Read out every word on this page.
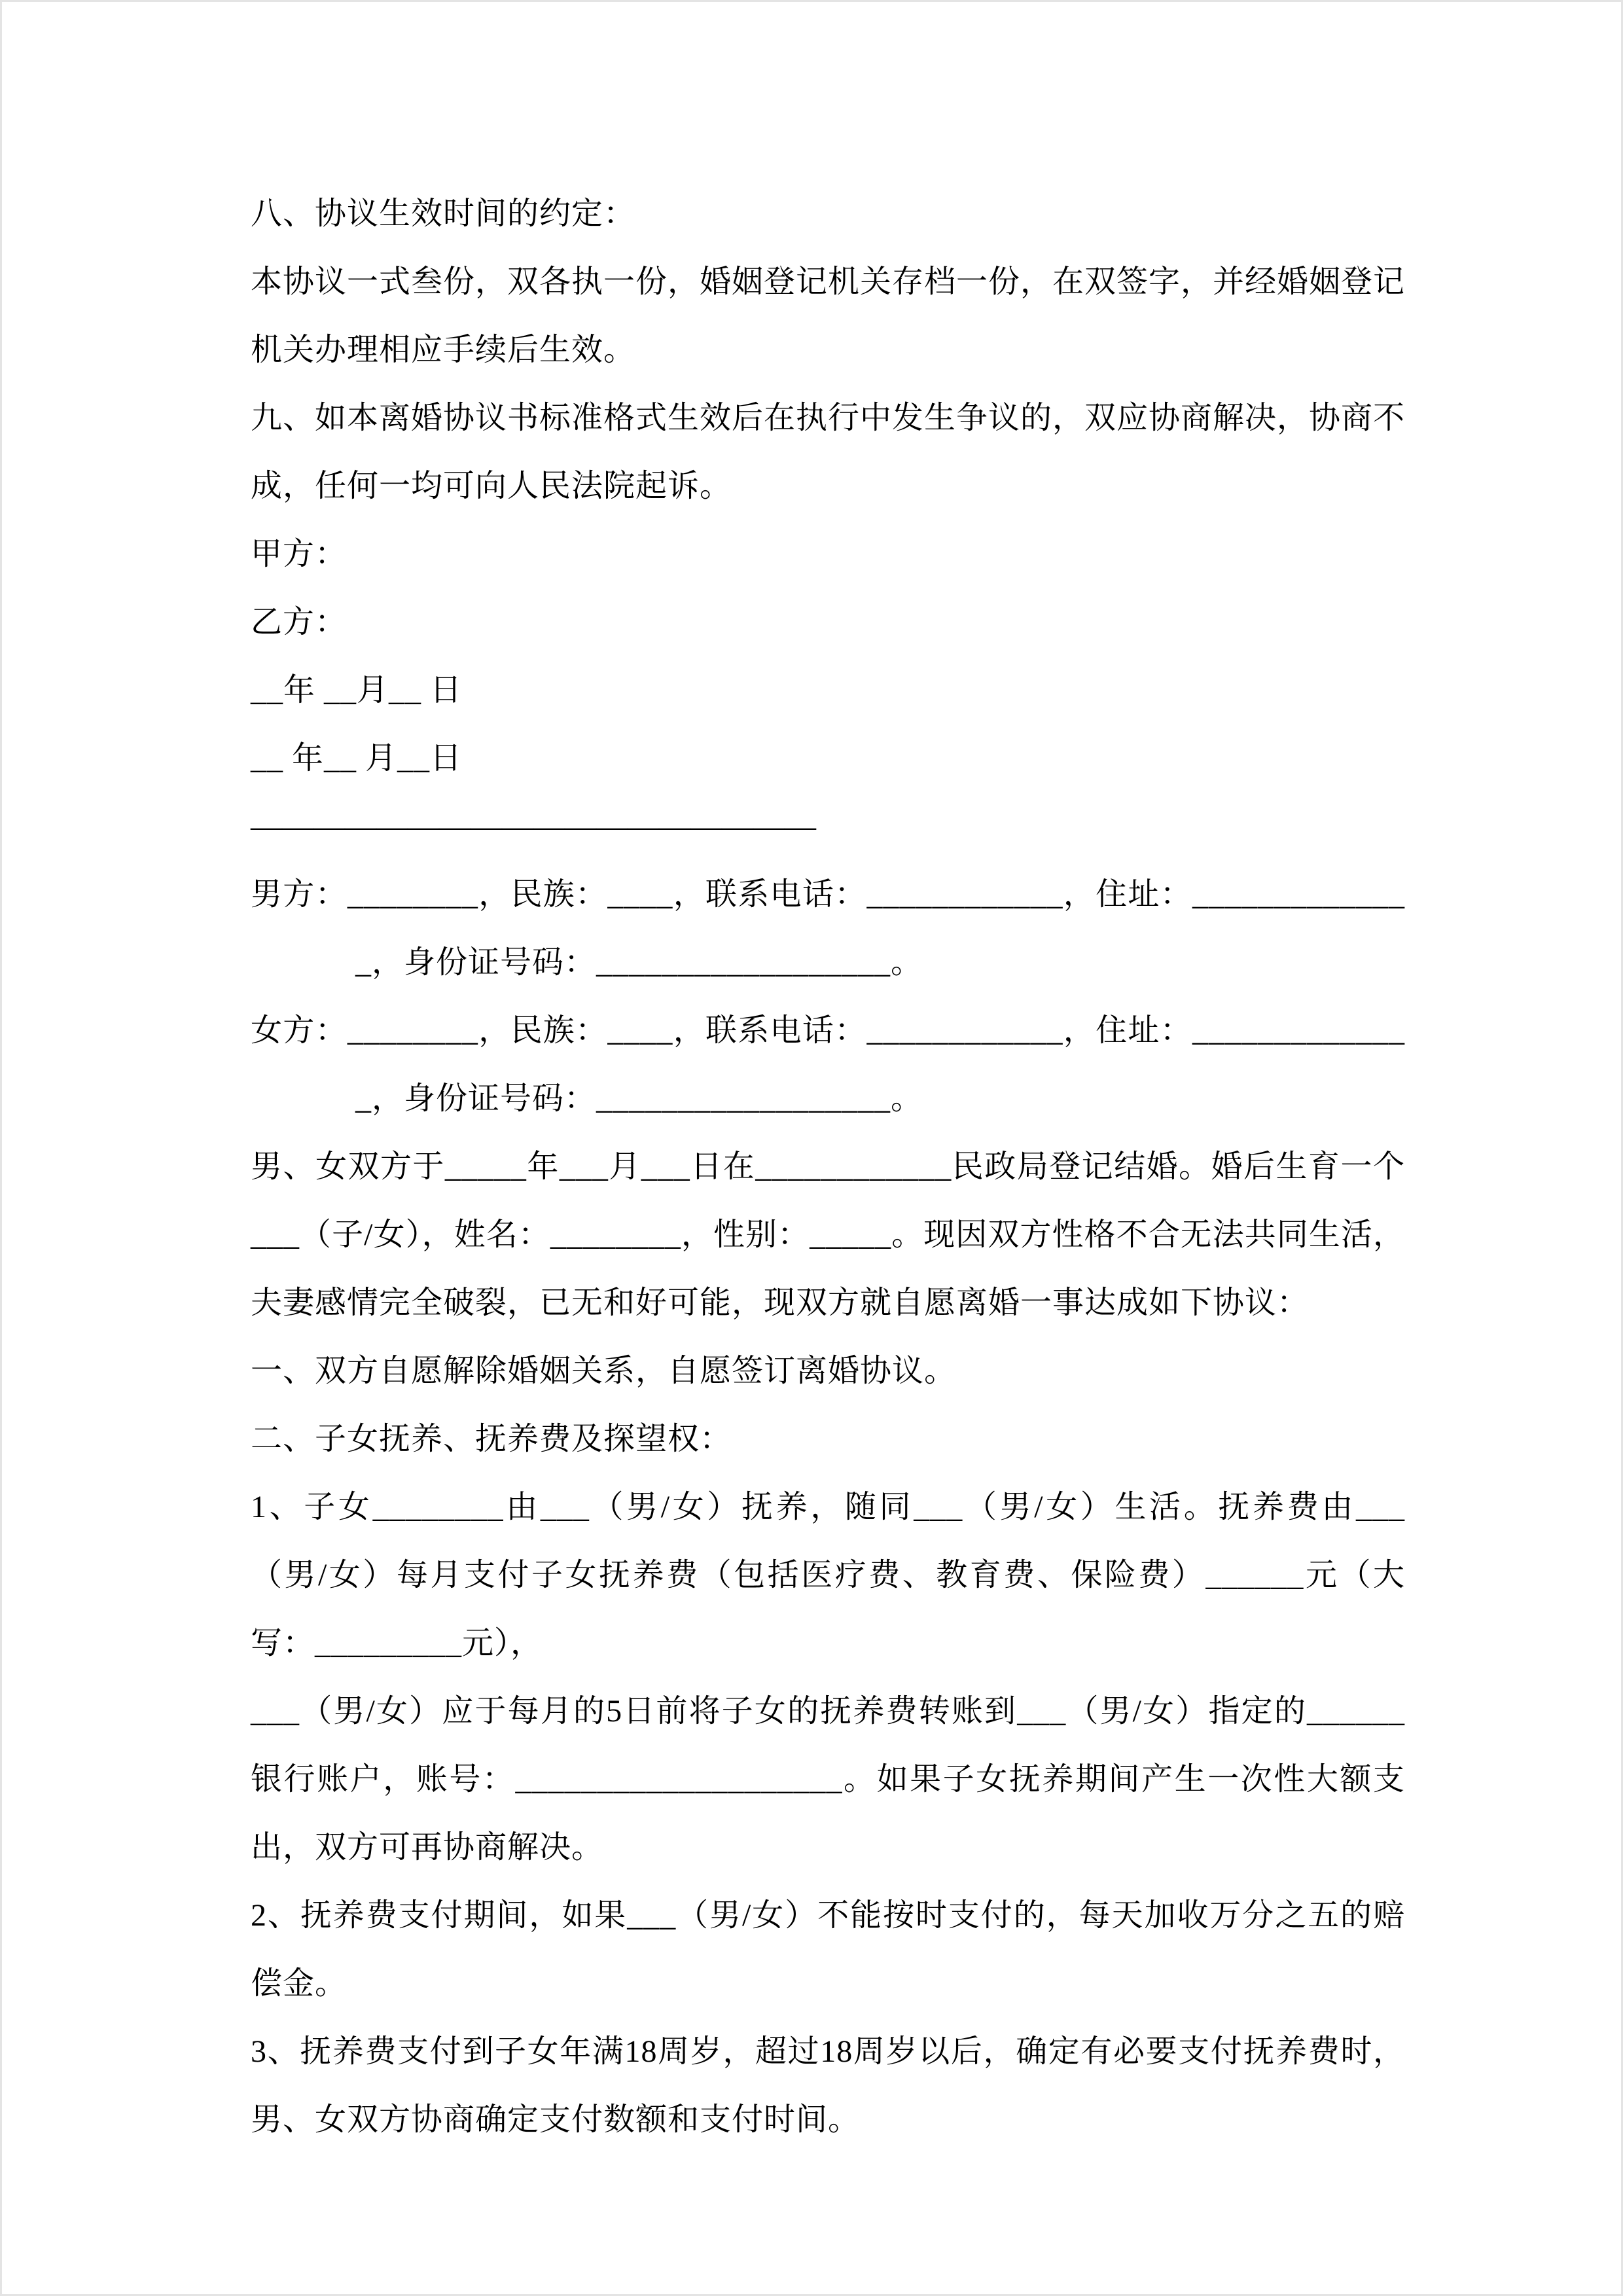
八、协议生效时间的约定：

本协议一式叁份，双各执一份，婚姻登记机关存档一份，在双签字，并经婚姻登记机关办理相应手续后生效。

九、如本离婚协议书标准格式生效后在执行中发生争议的，双应协商解决，协商不成，任何一均可向人民法院起诉。

甲方：

乙方：

__年 __月__ 日

__ 年__ 月__日

——————————————————

男方：________，民族：____，联系电话：____________，住址：______________，身份证号码：__________________。

女方：________，民族：____，联系电话：____________，住址：______________，身份证号码：__________________。

男、女双方于_____年___月___日在____________民政局登记结婚。婚后生育一个___（子/女），姓名：________，性别：_____。现因双方性格不合无法共同生活，夫妻感情完全破裂，已无和好可能，现双方就自愿离婚一事达成如下协议：

一、双方自愿解除婚姻关系，自愿签订离婚协议。

二、子女抚养、抚养费及探望权：

1、子女________由___（男/女）抚养，随同___（男/女）生活。抚养费由___（男/女）每月支付子女抚养费（包括医疗费、教育费、保险费）______元（大写：_________元），

___（男/女）应于每月的5日前将子女的抚养费转账到___（男/女）指定的______银行账户，账号：____________________。如果子女抚养期间产生一次性大额支出，双方可再协商解决。

2、抚养费支付期间，如果___（男/女）不能按时支付的，每天加收万分之五的赔偿金。

3、抚养费支付到子女年满18周岁，超过18周岁以后，确定有必要支付抚养费时，男、女双方协商确定支付数额和支付时间。
